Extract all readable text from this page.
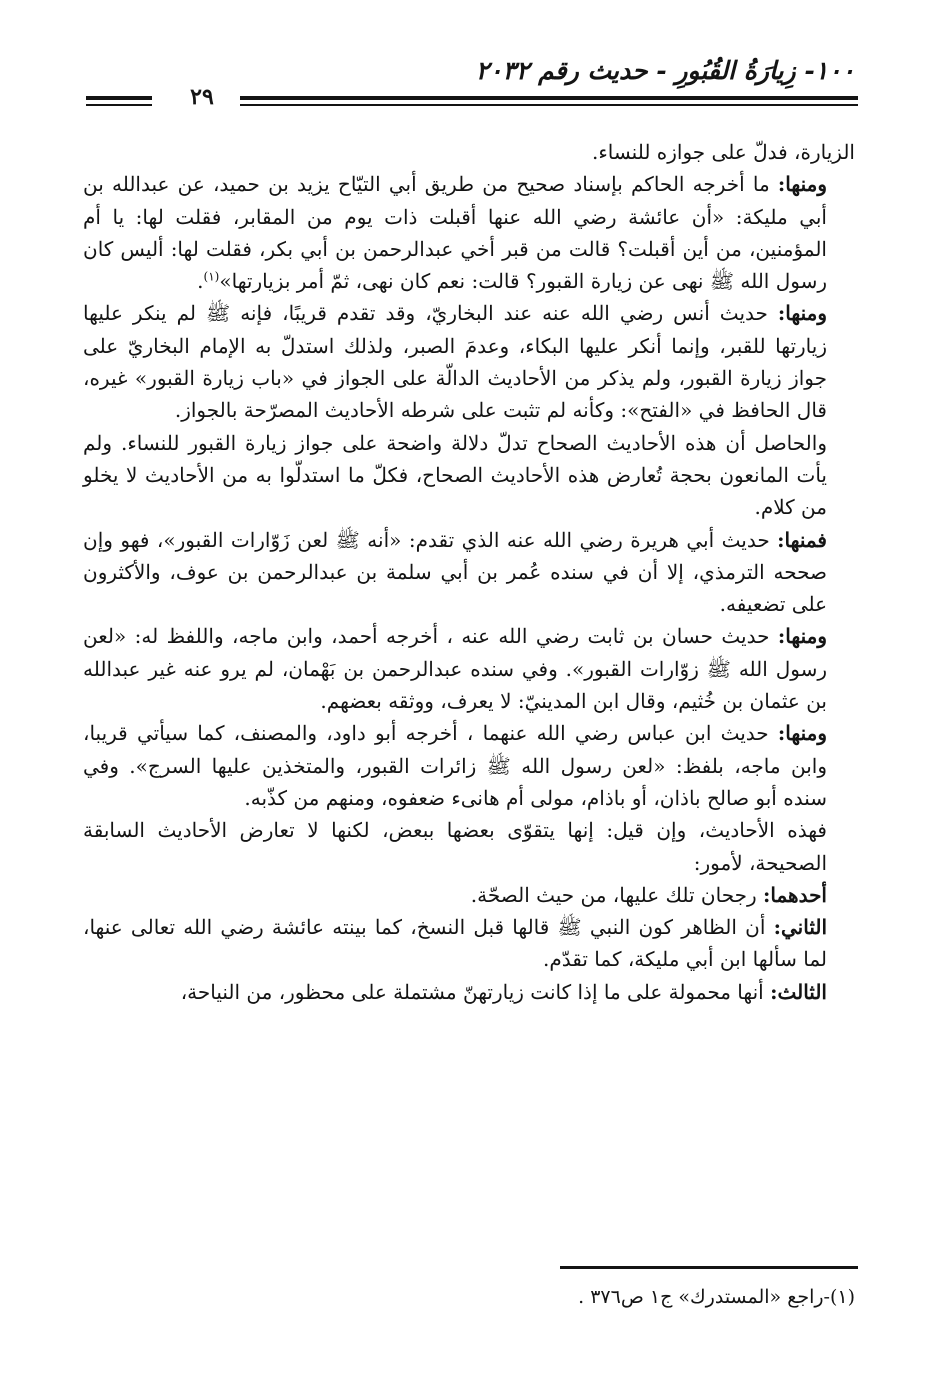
١٠٠- زِيارَةُ القُبُورِ - حديث رقم ٢٠٣٢
٢٩

الزيارة، فدلّ على جوازه للنساء.

ومنها: ما أخرجه الحاكم بإسناد صحيح من طريق أبي التيّاح يزيد بن حميد، عن عبدالله بن أبي مليكة: «أن عائشة رضي الله عنها أقبلت ذات يوم من المقابر، فقلت لها: يا أم المؤمنين، من أين أقبلت؟ قالت من قبر أخي عبدالرحمن بن أبي بكر، فقلت لها: أليس كان رسول الله ﷺ نهى عن زيارة القبور؟ قالت: نعم كان نهى، ثمّ أمر بزيارتها»$^{(١)}$.

ومنها: حديث أنس رضي الله عنه عند البخاريّ، وقد تقدم قريبًا، فإنه ﷺ لم ينكر عليها زيارتها للقبر، وإنما أنكر عليها البكاء، وعدمَ الصبر، ولذلك استدلّ به الإمام البخاريّ على جواز زيارة القبور، ولم يذكر من الأحاديث الدالّة على الجواز في «باب زيارة القبور» غيره، قال الحافظ في «الفتح»: وكأنه لم تثبت على شرطه الأحاديث المصرّحة بالجواز.

والحاصل أن هذه الأحاديث الصحاح تدلّ دلالة واضحة على جواز زيارة القبور للنساء. ولم يأت المانعون بحجة تُعارض هذه الأحاديث الصحاح، فكلّ ما استدلّوا به من الأحاديث لا يخلو من كلام.

فمنها: حديث أبي هريرة رضي الله عنه الذي تقدم: «أنه ﷺ لعن زَوّارات القبور»، فهو وإن صححه الترمذي، إلا أن في سنده عُمر بن أبي سلمة بن عبدالرحمن بن عوف، والأكثرون على تضعيفه.

ومنها: حديث حسان بن ثابت رضي الله عنه ، أخرجه أحمد، وابن ماجه، واللفظ له: «لعن رسول الله ﷺ زوّارات القبور». وفي سنده عبدالرحمن بن بَهْمان، لم يرو عنه غير عبدالله بن عثمان بن خُثيم، وقال ابن المدينيّ: لا يعرف، ووثقه بعضهم.

ومنها: حديث ابن عباس رضي الله عنهما ، أخرجه أبو داود، والمصنف، كما سيأتي قريبا، وابن ماجه، بلفظ: «لعن رسول الله ﷺ زائرات القبور، والمتخذين عليها السرج». وفي سنده أبو صالح باذان، أو باذام، مولى أم هانىء ضعفوه، ومنهم من كذّبه.

فهذه الأحاديث، وإن قيل: إنها يتقوّى بعضها ببعض، لكنها لا تعارض الأحاديث السابقة الصحيحة، لأمور:

أحدهما: رجحان تلك عليها، من حيث الصحّة.

الثاني: أن الظاهر كون النبي ﷺ قالها قبل النسخ، كما بينته عائشة رضي الله تعالى عنها، لما سألها ابن أبي مليكة، كما تقدّم.

الثالث: أنها محمولة على ما إذا كانت زيارتهنّ مشتملة على محظور، من النياحة،

(١)-راجع «المستدرك» ج١ ص٣٧٦ .
